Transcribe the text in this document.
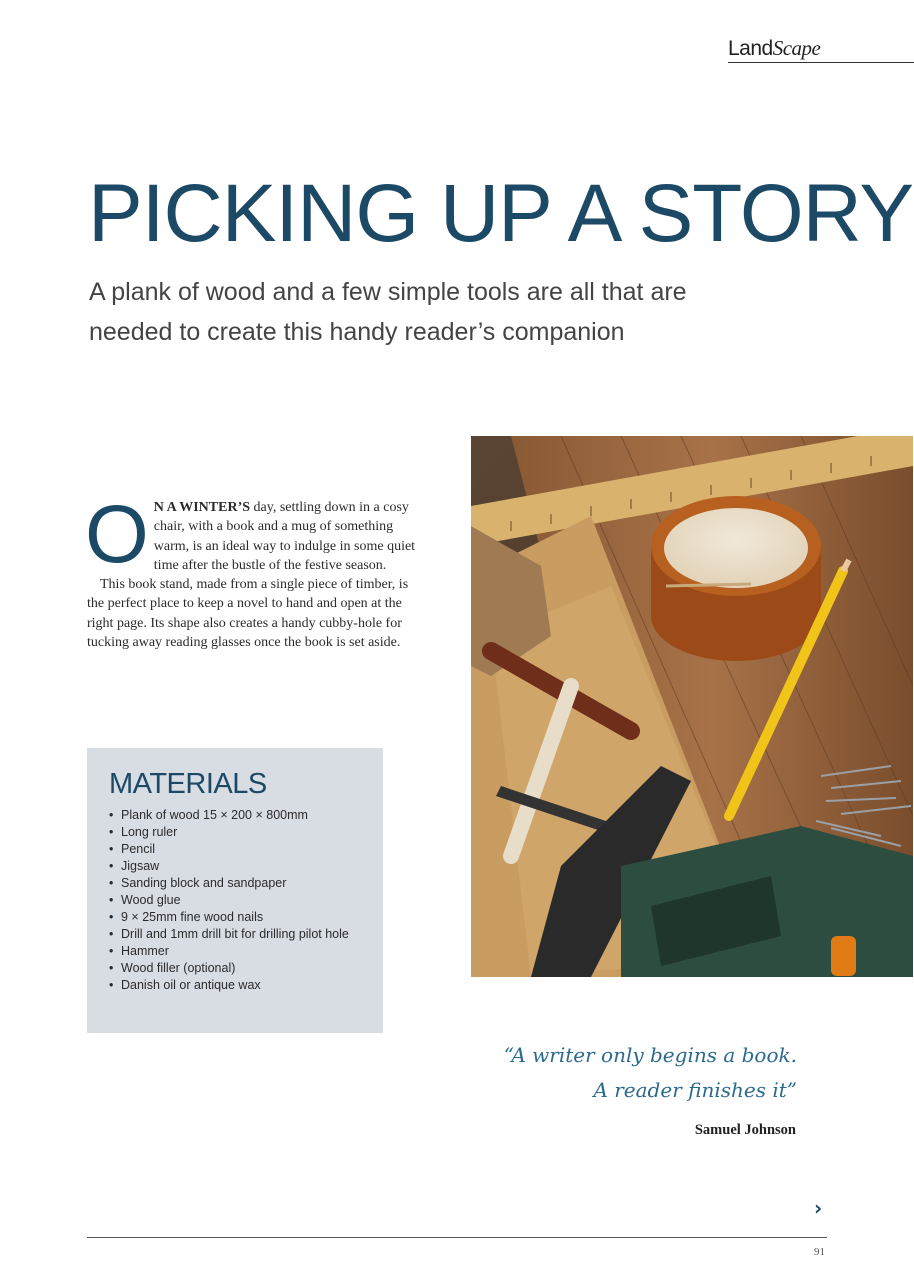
LandScape
PICKING UP A STORY

A plank of wood and a few simple tools are all that are needed to create this handy reader’s companion

O N A WINTER’S day, settling down in a cosy chair, with a book and a mug of something warm, is an ideal way to indulge in some quiet time after the bustle of the festive season.

This book stand, made from a single piece of timber, is the perfect place to keep a novel to hand and open at the right page. Its shape also creates a handy cubby-hole for tucking away reading glasses once the book is set aside.

MATERIALS
• Plank of wood 15 × 200 × 800mm
• Long ruler
• Pencil
• Jigsaw
• Sanding block and sandpaper
• Wood glue
• 9 × 25mm fine wood nails
• Drill and 1mm drill bit for drilling pilot hole
• Hammer
• Wood filler (optional)
• Danish oil or antique wax
“A writer only begins a book.
A reader finishes it”
Samuel Johnson
›
91
